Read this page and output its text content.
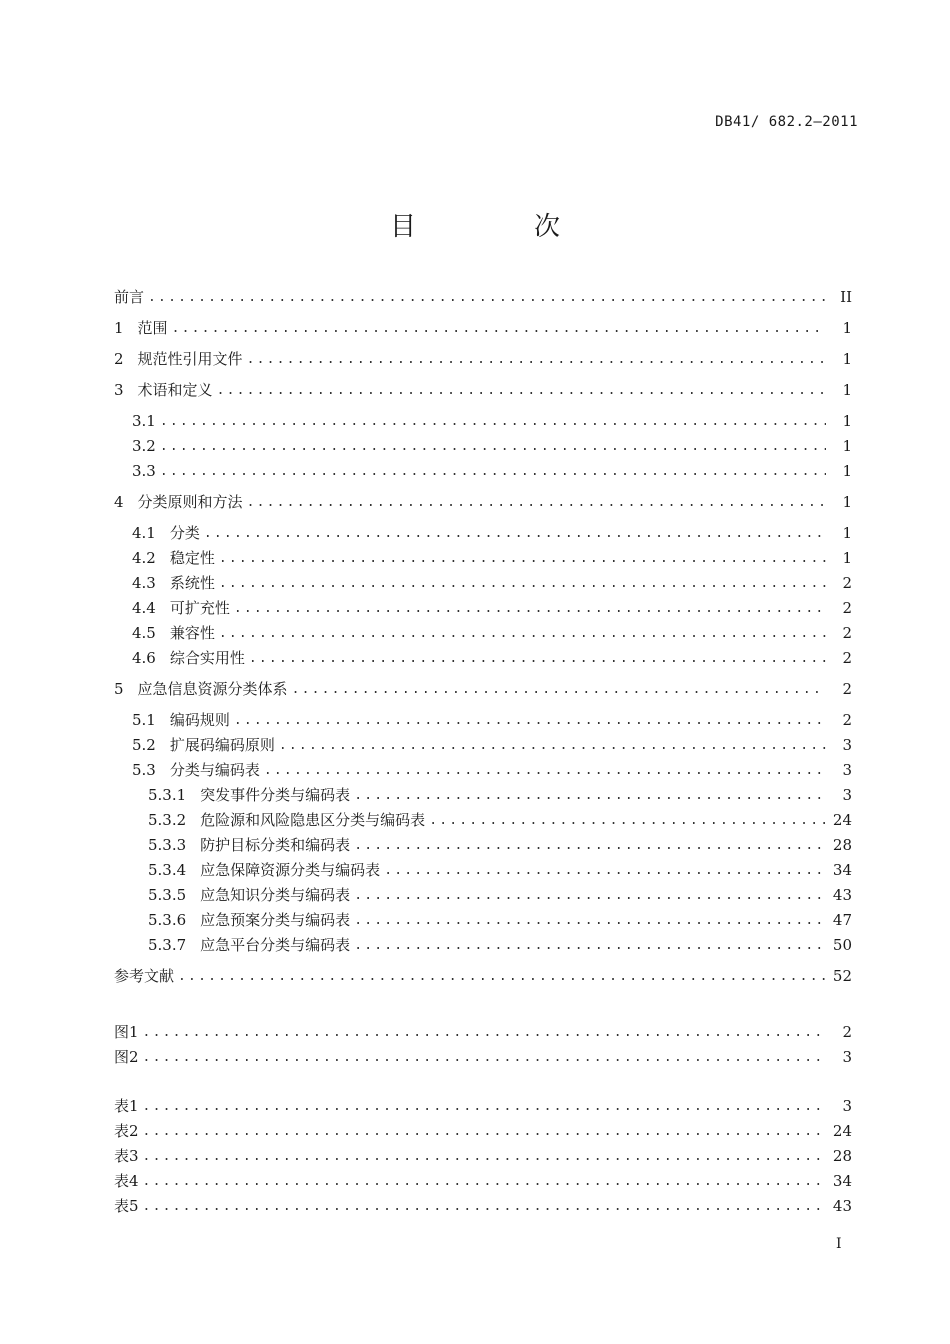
DB41/ 682.2—2011
目　次
前言 .....	II
1 范围 .....	1
2 规范性引用文件 .....	1
3 术语和定义 .....	1
3.1 .....	1
3.2 .....	1
3.3 .....	1
4 分类原则和方法 .....	1
4.1 分类 .....	1
4.2 稳定性 .....	1
4.3 系统性 .....	2
4.4 可扩充性 .....	2
4.5 兼容性 .....	2
4.6 综合实用性 .....	2
5 应急信息资源分类体系 .....	2
5.1 编码规则 .....	2
5.2 扩展码编码原则 .....	3
5.3 分类与编码表 .....	3
5.3.1 突发事件分类与编码表 .....	3
5.3.2 危险源和风险隐患区分类与编码表 .....	24
5.3.3 防护目标分类和编码表 .....	28
5.3.4 应急保障资源分类与编码表 .....	34
5.3.5 应急知识分类与编码表 .....	43
5.3.6 应急预案分类与编码表 .....	47
5.3.7 应急平台分类与编码表 .....	50
参考文献 .....	52
图1 .....	2
图2 .....	3
表1 .....	3
表2 .....	24
表3 .....	28
表4 .....	34
表5 .....	43
I
